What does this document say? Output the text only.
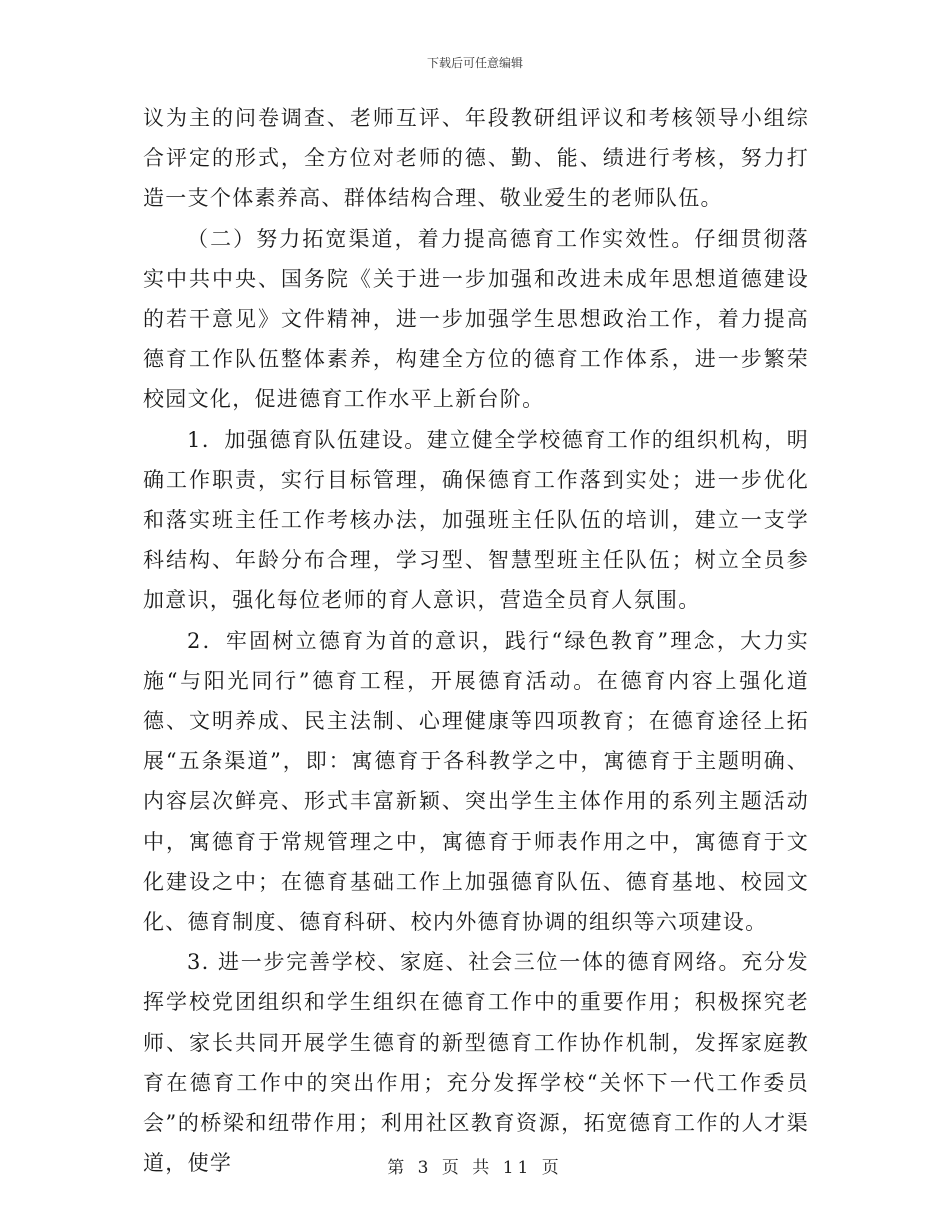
下载后可任意编辑

议为主的问卷调查、老师互评、年段教研组评议和考核领导小组综合评定的形式，全方位对老师的德、勤、能、绩进行考核，努力打造一支个体素养高、群体结构合理、敬业爱生的老师队伍。

（二）努力拓宽渠道，着力提高德育工作实效性。仔细贯彻落实中共中央、国务院《关于进一步加强和改进未成年思想道德建设的若干意见》文件精神，进一步加强学生思想政治工作，着力提高德育工作队伍整体素养，构建全方位的德育工作体系，进一步繁荣校园文化，促进德育工作水平上新台阶。

1．加强德育队伍建设。建立健全学校德育工作的组织机构，明确工作职责，实行目标管理，确保德育工作落到实处；进一步优化和落实班主任工作考核办法，加强班主任队伍的培训，建立一支学科结构、年龄分布合理，学习型、智慧型班主任队伍；树立全员参加意识，强化每位老师的育人意识，营造全员育人氛围。

2．牢固树立德育为首的意识，践行“绿色教育”理念，大力实施“与阳光同行”德育工程，开展德育活动。在德育内容上强化道德、文明养成、民主法制、心理健康等四项教育；在德育途径上拓展“五条渠道”，即：寓德育于各科教学之中，寓德育于主题明确、内容层次鲜亮、形式丰富新颖、突出学生主体作用的系列主题活动中，寓德育于常规管理之中，寓德育于师表作用之中，寓德育于文化建设之中；在德育基础工作上加强德育队伍、德育基地、校园文化、德育制度、德育科研、校内外德育协调的组织等六项建设。

3. 进一步完善学校、家庭、社会三位一体的德育网络。充分发挥学校党团组织和学生组织在德育工作中的重要作用；积极探究老师、家长共同开展学生德育的新型德育工作协作机制，发挥家庭教育在德育工作中的突出作用；充分发挥学校“关怀下一代工作委员会”的桥梁和纽带作用；利用社区教育资源，拓宽德育工作的人才渠道，使学	第 3 页 共 11 页
